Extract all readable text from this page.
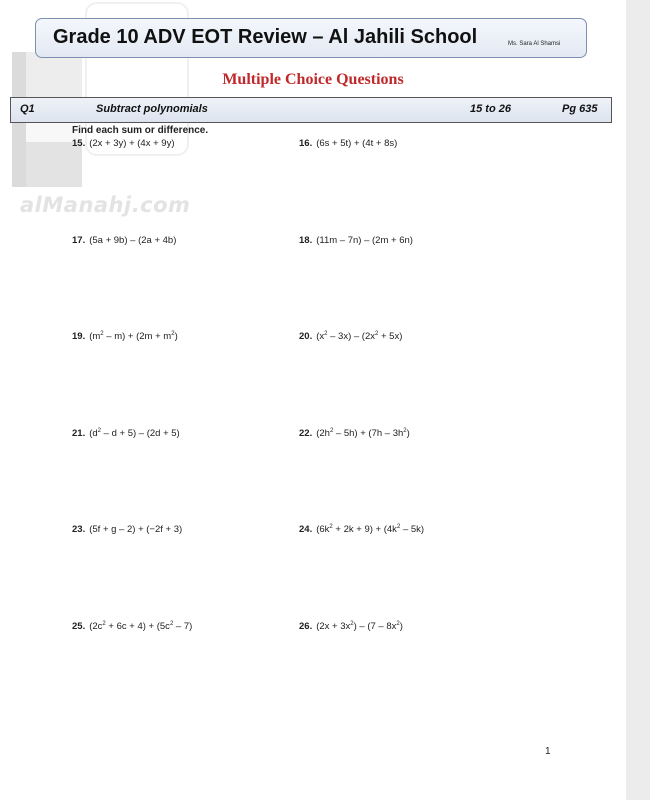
alManahj.com
Grade 10 ADV EOT Review – Al Jahili School	Ms. Sara Al Shamsi
Multiple Choice Questions
Q1	Subtract polynomials	15 to 26	Pg 635
Find each sum or difference.
15. (2x + 3y) + (4x + 9y)	16. (6s + 5t) + (4t + 8s)
17. (5a + 9b) – (2a + 4b)	18. (11m – 7n) – (2m + 6n)
19. $(m^2 - m) + (2m + m^2)$	20. $(x^2 - 3x) - (2x^2 + 5x)$
21. $(d^2 - d + 5) - (2d + 5)$	22. $(2h^2 - 5h) + (7h - 3h^2)$
23. (5f + g – 2) + (−2f + 3)	24. $(6k^2 + 2k + 9) + (4k^2 - 5k)$
25. $(2c^2 + 6c + 4) + (5c^2 - 7)$	26. $(2x + 3x^2) - (7 - 8x^2)$
1
